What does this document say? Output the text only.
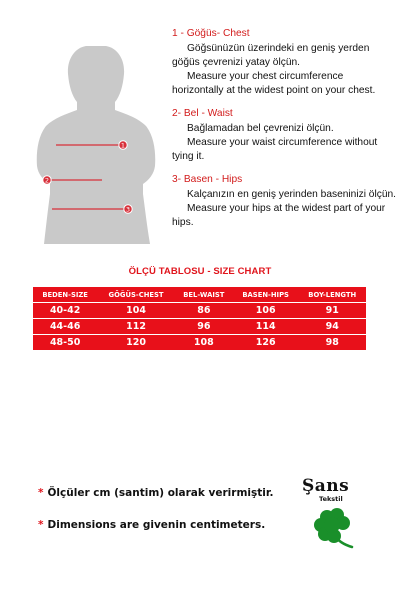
1
2
3
1 - Göğüs- Chest
Göğsünüzün üzerindeki en geniş yerden göğüs çevrenizi yatay ölçün.
Measure your chest circumference horizontally at the widest point on your chest.
2- Bel - Waist
Bağlamadan bel çevrenizi ölçün.
Measure your waist circumference without tying it.
3- Basen - Hips
Kalçanızın en geniş yerinden baseninizi ölçün.
Measure your hips at the widest part of your hips.
ÖLÇÜ TABLOSU - SIZE CHART
BEDEN-SIZE	GÖĞÜS-CHEST	BEL-WAIST	BASEN-HIPS	BOY-LENGTH
40-42	104	86	106	91
44-46	112	96	114	94
48-50	120	108	126	98
* Ölçüler cm (santim) olarak verirmiştir.
* Dimensions are givenin centimeters.
Şans
Tekstil
